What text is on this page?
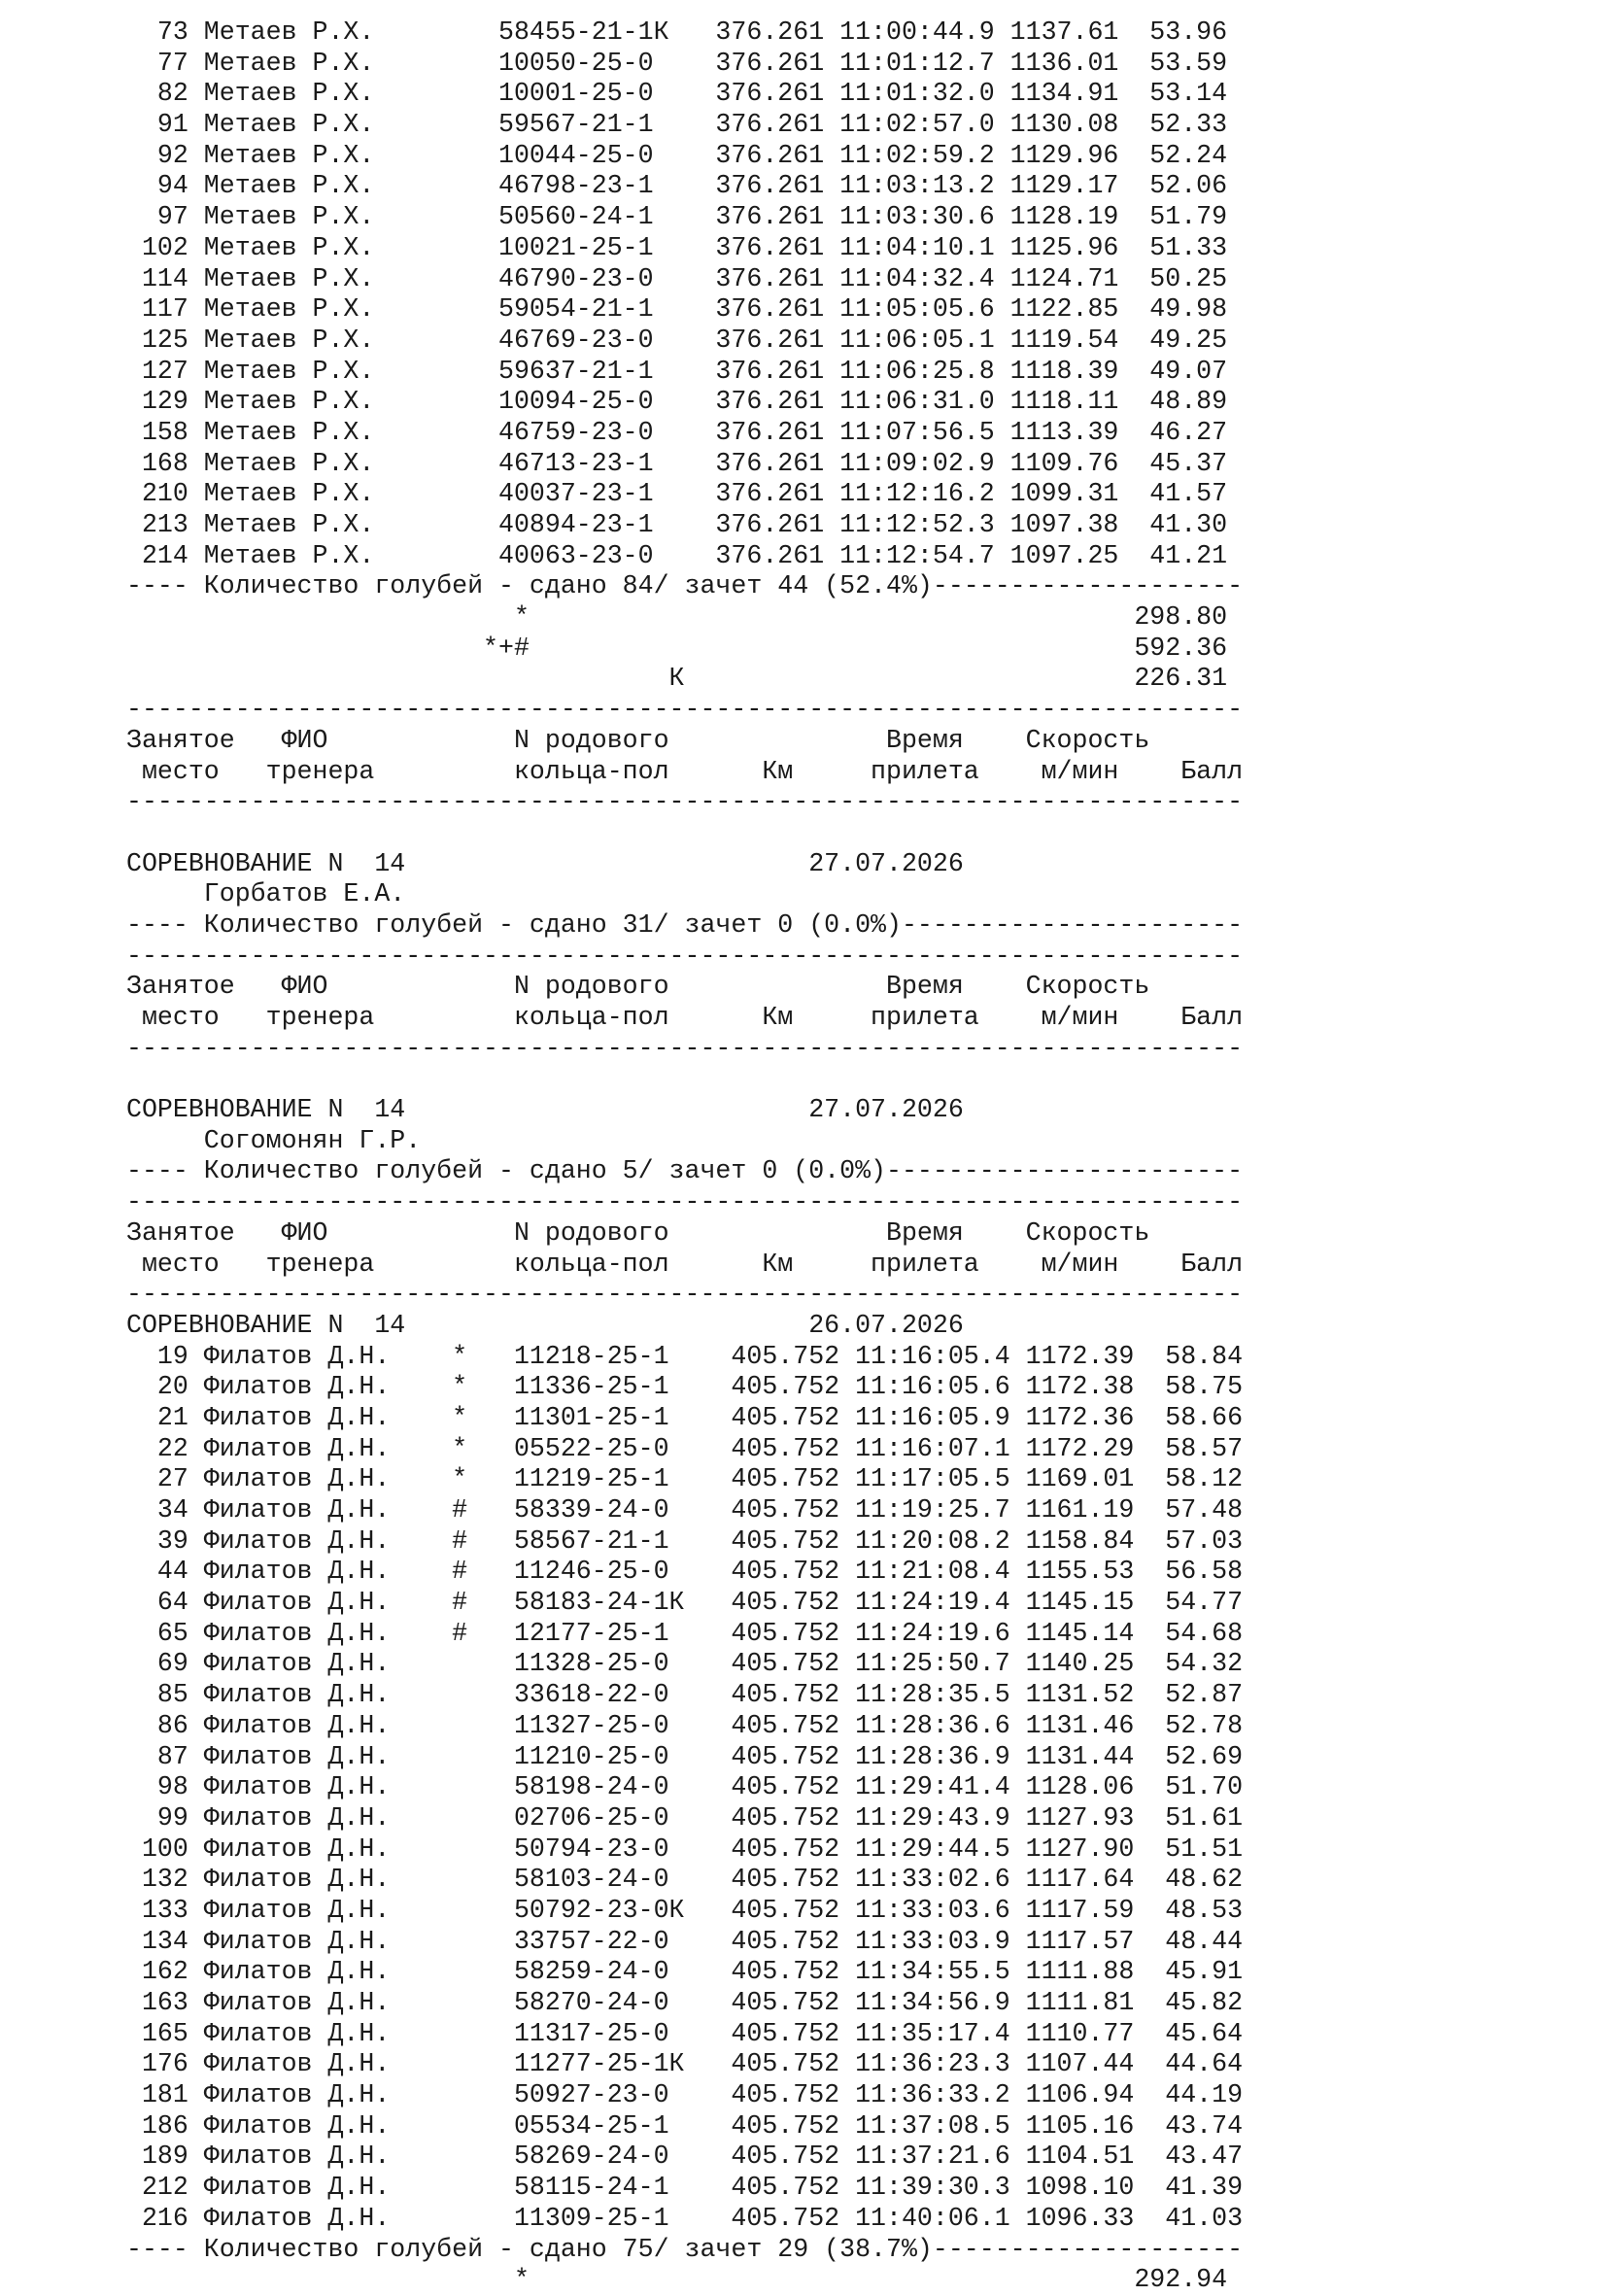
73 Метаев Р.Х.        58455-21-1К   376.261 11:00:44.9 1137.61  53.96
77 Метаев Р.Х.        10050-25-0    376.261 11:01:12.7 1136.01  53.59
82 Метаев Р.Х.        10001-25-0    376.261 11:01:32.0 1134.91  53.14
91 Метаев Р.Х.        59567-21-1    376.261 11:02:57.0 1130.08  52.33
92 Метаев Р.Х.        10044-25-0    376.261 11:02:59.2 1129.96  52.24
94 Метаев Р.Х.        46798-23-1    376.261 11:03:13.2 1129.17  52.06
97 Метаев Р.Х.        50560-24-1    376.261 11:03:30.6 1128.19  51.79
102 Метаев Р.Х.        10021-25-1    376.261 11:04:10.1 1125.96  51.33
114 Метаев Р.Х.        46790-23-0    376.261 11:04:32.4 1124.71  50.25
117 Метаев Р.Х.        59054-21-1    376.261 11:05:05.6 1122.85  49.98
125 Метаев Р.Х.        46769-23-0    376.261 11:06:05.1 1119.54  49.25
127 Метаев Р.Х.        59637-21-1    376.261 11:06:25.8 1118.39  49.07
129 Метаев Р.Х.        10094-25-0    376.261 11:06:31.0 1118.11  48.89
158 Метаев Р.Х.        46759-23-0    376.261 11:07:56.5 1113.39  46.27
168 Метаев Р.Х.        46713-23-1    376.261 11:09:02.9 1109.76  45.37
210 Метаев Р.Х.        40037-23-1    376.261 11:12:16.2 1099.31  41.57
213 Метаев Р.Х.        40894-23-1    376.261 11:12:52.3 1097.38  41.30
214 Метаев Р.Х.        40063-23-0    376.261 11:12:54.7 1097.25  41.21
---- Количество голубей - сдано 84/ зачет 44 (52.4%)--------------------
*                                       298.80
*+#                                       592.36
К                             226.31
------------------------------------------------------------------------
Занятое   ФИО            N родового              Время    Скорость
место   тренера         кольца-пол      Км     прилета    м/мин    Балл
------------------------------------------------------------------------
СОРЕВНОВАНИЕ N  14                          27.07.2026
Горбатов Е.А.
---- Количество голубей - сдано 31/ зачет 0 (0.0%)----------------------
------------------------------------------------------------------------
Занятое   ФИО            N родового              Время    Скорость
место   тренера         кольца-пол      Км     прилета    м/мин    Балл
------------------------------------------------------------------------
СОРЕВНОВАНИЕ N  14                          27.07.2026
Согомонян Г.Р.
---- Количество голубей - сдано 5/ зачет 0 (0.0%)-----------------------
------------------------------------------------------------------------
Занятое   ФИО            N родового              Время    Скорость
место   тренера         кольца-пол      Км     прилета    м/мин    Балл
------------------------------------------------------------------------
СОРЕВНОВАНИЕ N  14                          26.07.2026
19 Филатов Д.Н.    *   11218-25-1    405.752 11:16:05.4 1172.39  58.84
20 Филатов Д.Н.    *   11336-25-1    405.752 11:16:05.6 1172.38  58.75
21 Филатов Д.Н.    *   11301-25-1    405.752 11:16:05.9 1172.36  58.66
22 Филатов Д.Н.    *   05522-25-0    405.752 11:16:07.1 1172.29  58.57
27 Филатов Д.Н.    *   11219-25-1    405.752 11:17:05.5 1169.01  58.12
34 Филатов Д.Н.    #   58339-24-0    405.752 11:19:25.7 1161.19  57.48
39 Филатов Д.Н.    #   58567-21-1    405.752 11:20:08.2 1158.84  57.03
44 Филатов Д.Н.    #   11246-25-0    405.752 11:21:08.4 1155.53  56.58
64 Филатов Д.Н.    #   58183-24-1К   405.752 11:24:19.4 1145.15  54.77
65 Филатов Д.Н.    #   12177-25-1    405.752 11:24:19.6 1145.14  54.68
69 Филатов Д.Н.        11328-25-0    405.752 11:25:50.7 1140.25  54.32
85 Филатов Д.Н.        33618-22-0    405.752 11:28:35.5 1131.52  52.87
86 Филатов Д.Н.        11327-25-0    405.752 11:28:36.6 1131.46  52.78
87 Филатов Д.Н.        11210-25-0    405.752 11:28:36.9 1131.44  52.69
98 Филатов Д.Н.        58198-24-0    405.752 11:29:41.4 1128.06  51.70
99 Филатов Д.Н.        02706-25-0    405.752 11:29:43.9 1127.93  51.61
100 Филатов Д.Н.        50794-23-0    405.752 11:29:44.5 1127.90  51.51
132 Филатов Д.Н.        58103-24-0    405.752 11:33:02.6 1117.64  48.62
133 Филатов Д.Н.        50792-23-0К   405.752 11:33:03.6 1117.59  48.53
134 Филатов Д.Н.        33757-22-0    405.752 11:33:03.9 1117.57  48.44
162 Филатов Д.Н.        58259-24-0    405.752 11:34:55.5 1111.88  45.91
163 Филатов Д.Н.        58270-24-0    405.752 11:34:56.9 1111.81  45.82
165 Филатов Д.Н.        11317-25-0    405.752 11:35:17.4 1110.77  45.64
176 Филатов Д.Н.        11277-25-1К   405.752 11:36:23.3 1107.44  44.64
181 Филатов Д.Н.        50927-23-0    405.752 11:36:33.2 1106.94  44.19
186 Филатов Д.Н.        05534-25-1    405.752 11:37:08.5 1105.16  43.74
189 Филатов Д.Н.        58269-24-0    405.752 11:37:21.6 1104.51  43.47
212 Филатов Д.Н.        58115-24-1    405.752 11:39:30.3 1098.10  41.39
216 Филатов Д.Н.        11309-25-1    405.752 11:40:06.1 1096.33  41.03
---- Количество голубей - сдано 75/ зачет 29 (38.7%)--------------------
*                                       292.94
